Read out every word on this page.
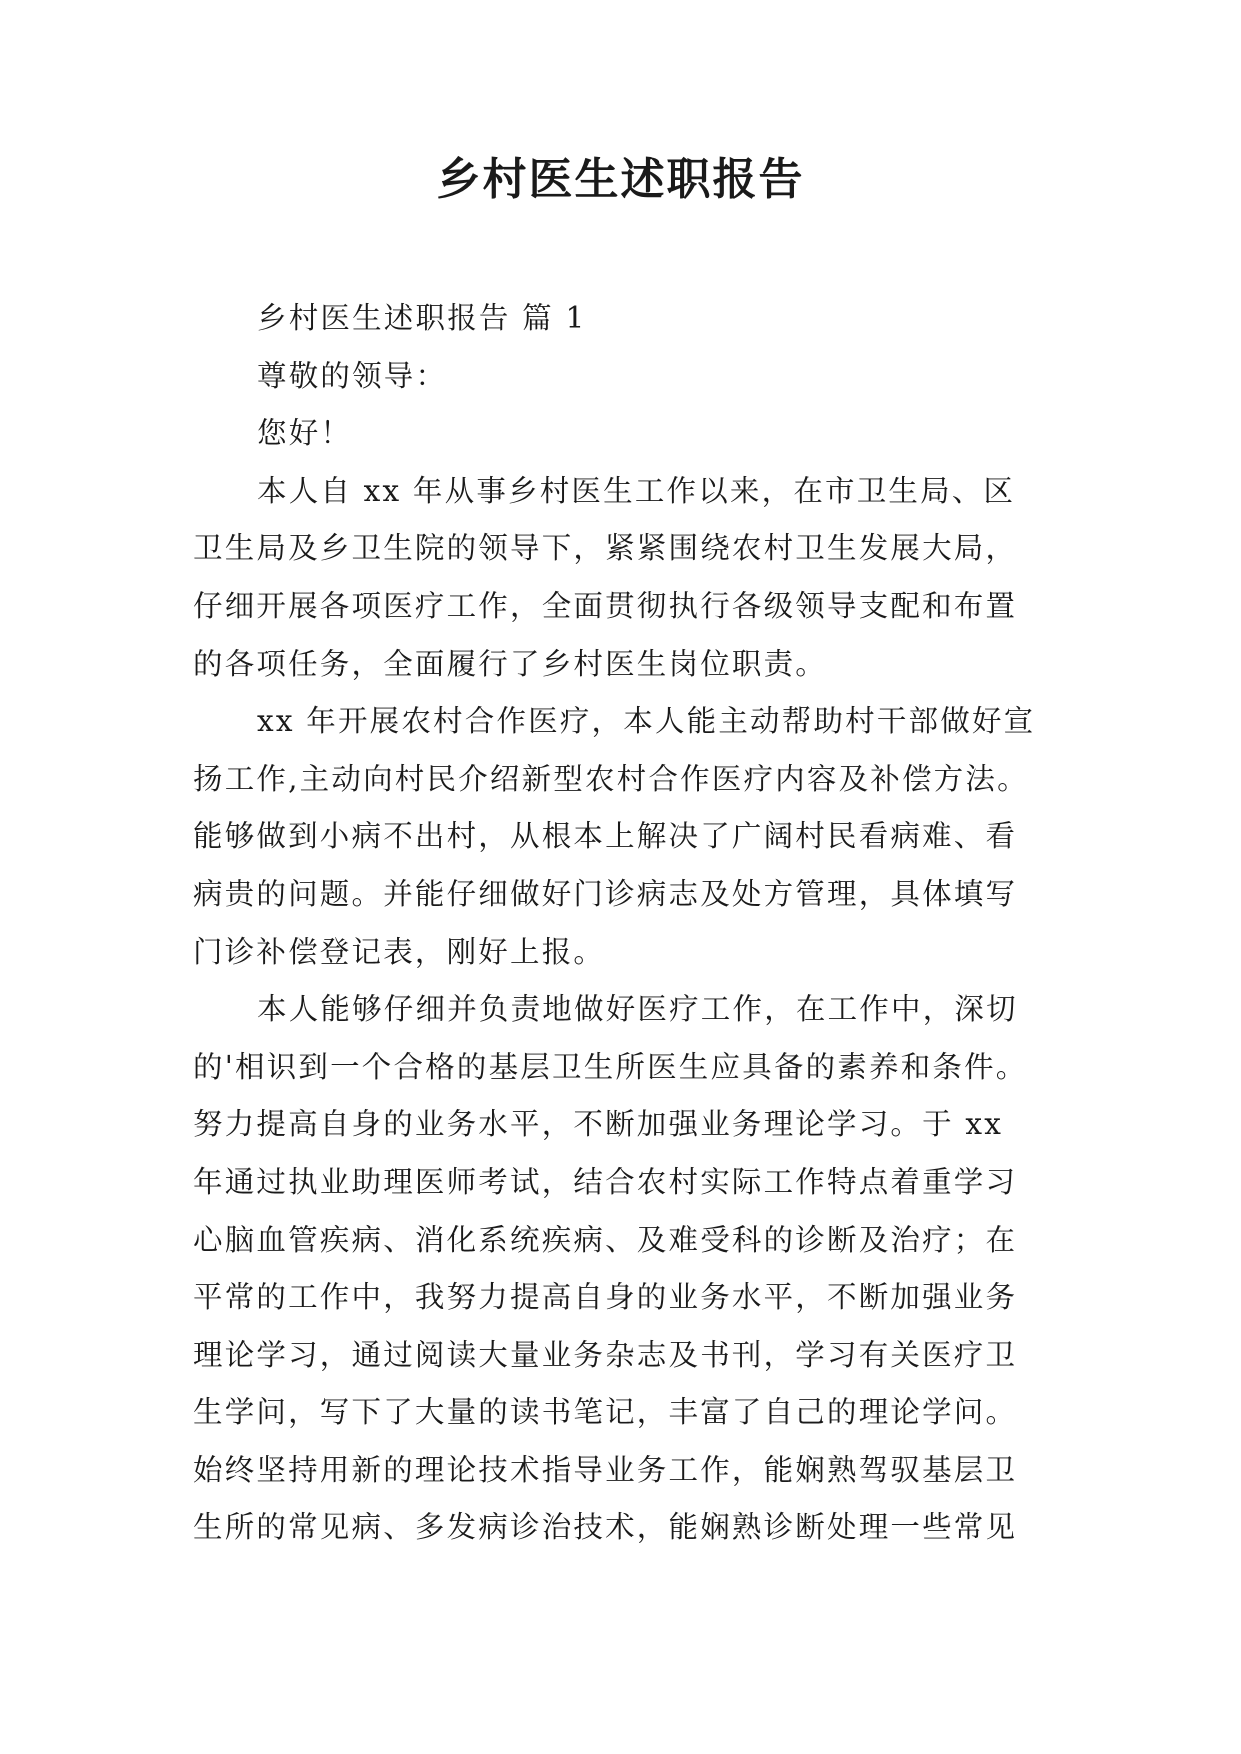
乡村医生述职报告
乡村医生述职报告 篇 1
尊敬的领导：
您好！
本人自 xx 年从事乡村医生工作以来，在市卫生局、区
卫生局及乡卫生院的领导下，紧紧围绕农村卫生发展大局，
仔细开展各项医疗工作，全面贯彻执行各级领导支配和布置
的各项任务，全面履行了乡村医生岗位职责。
xx 年开展农村合作医疗，本人能主动帮助村干部做好宣
扬工作,主动向村民介绍新型农村合作医疗内容及补偿方法。
能够做到小病不出村，从根本上解决了广阔村民看病难、看
病贵的问题。并能仔细做好门诊病志及处方管理，具体填写
门诊补偿登记表，刚好上报。
本人能够仔细并负责地做好医疗工作，在工作中，深切
的'相识到一个合格的基层卫生所医生应具备的素养和条件。
努力提高自身的业务水平，不断加强业务理论学习。于 xx
年通过执业助理医师考试，结合农村实际工作特点着重学习
心脑血管疾病、消化系统疾病、及难受科的诊断及治疗；在
平常的工作中，我努力提高自身的业务水平，不断加强业务
理论学习，通过阅读大量业务杂志及书刊，学习有关医疗卫
生学问，写下了大量的读书笔记，丰富了自己的理论学问。
始终坚持用新的理论技术指导业务工作，能娴熟驾驭基层卫
生所的常见病、多发病诊治技术，能娴熟诊断处理一些常见
